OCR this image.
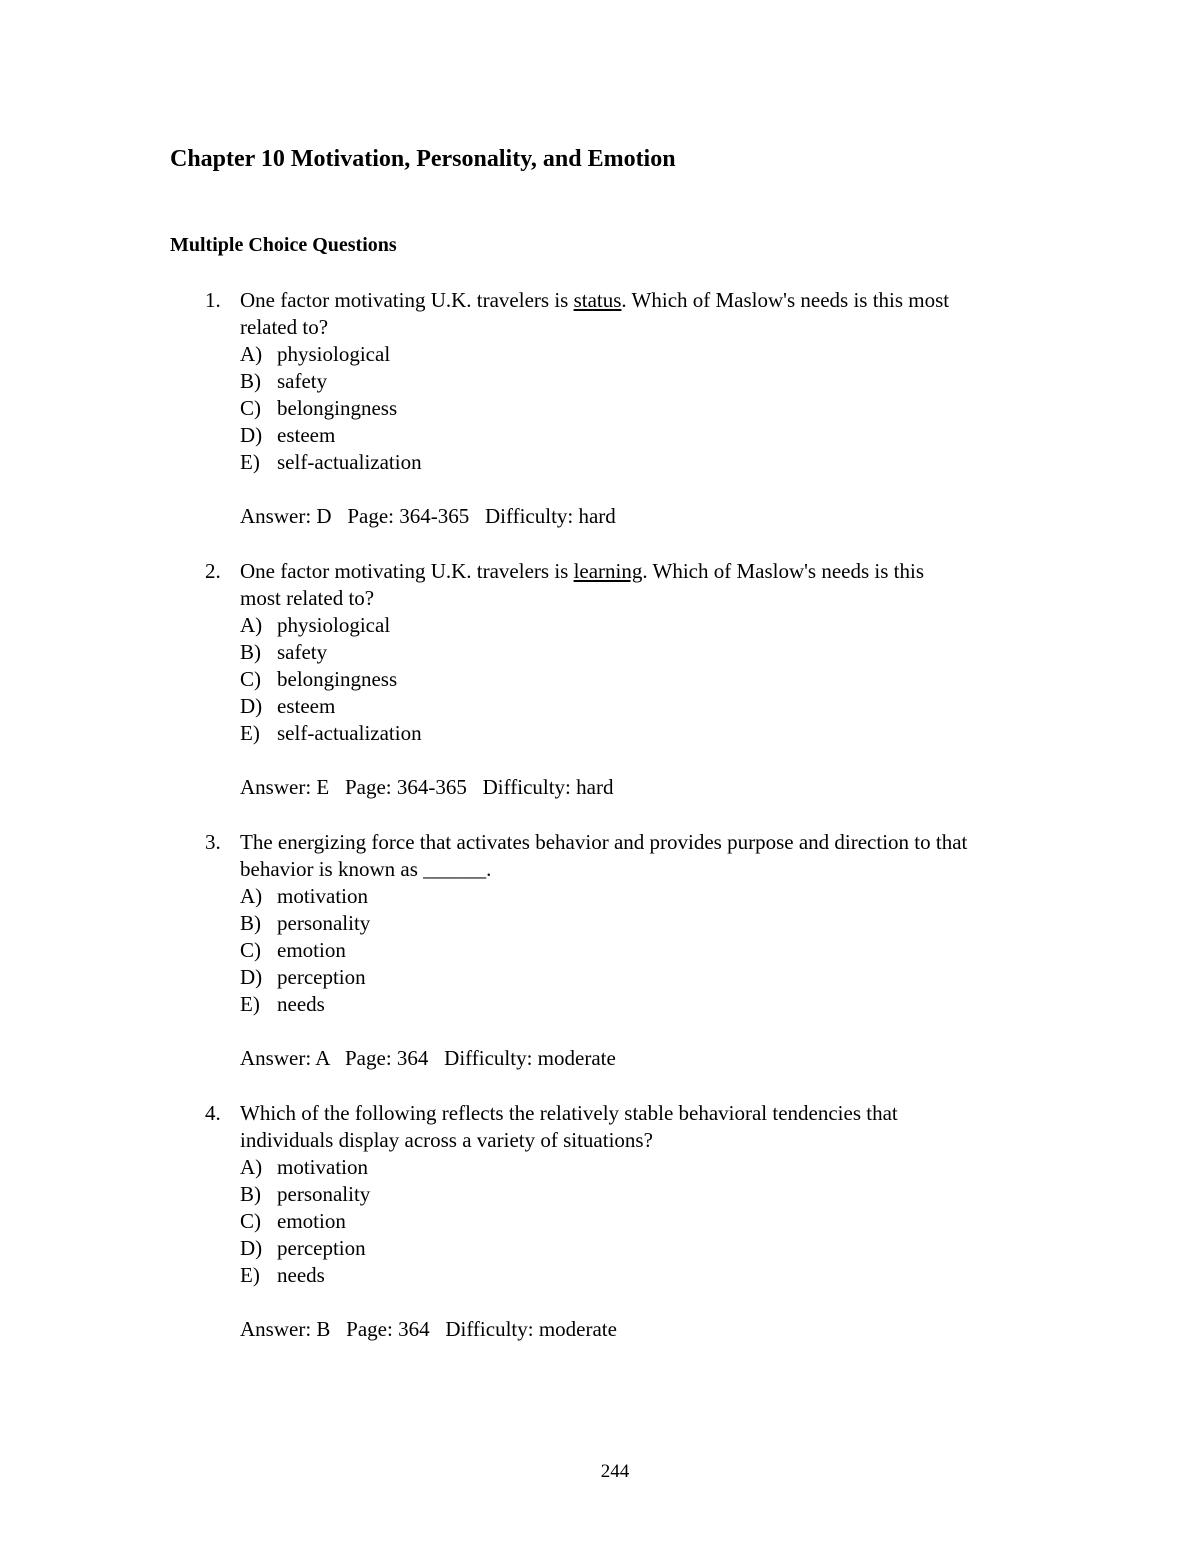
Chapter 10 Motivation, Personality, and Emotion
Multiple Choice Questions
1. One factor motivating U.K. travelers is status. Which of Maslow's needs is this most
related to?
A) physiological
B) safety
C) belongingness
D) esteem
E) self-actualization
Answer: D   Page: 364-365   Difficulty: hard
2. One factor motivating U.K. travelers is learning. Which of Maslow's needs is this
most related to?
A) physiological
B) safety
C) belongingness
D) esteem
E) self-actualization
Answer: E   Page: 364-365   Difficulty: hard
3. The energizing force that activates behavior and provides purpose and direction to that
behavior is known as ______.
A) motivation
B) personality
C) emotion
D) perception
E) needs
Answer: A   Page: 364   Difficulty: moderate
4. Which of the following reflects the relatively stable behavioral tendencies that
individuals display across a variety of situations?
A) motivation
B) personality
C) emotion
D) perception
E) needs
Answer: B   Page: 364   Difficulty: moderate
244
